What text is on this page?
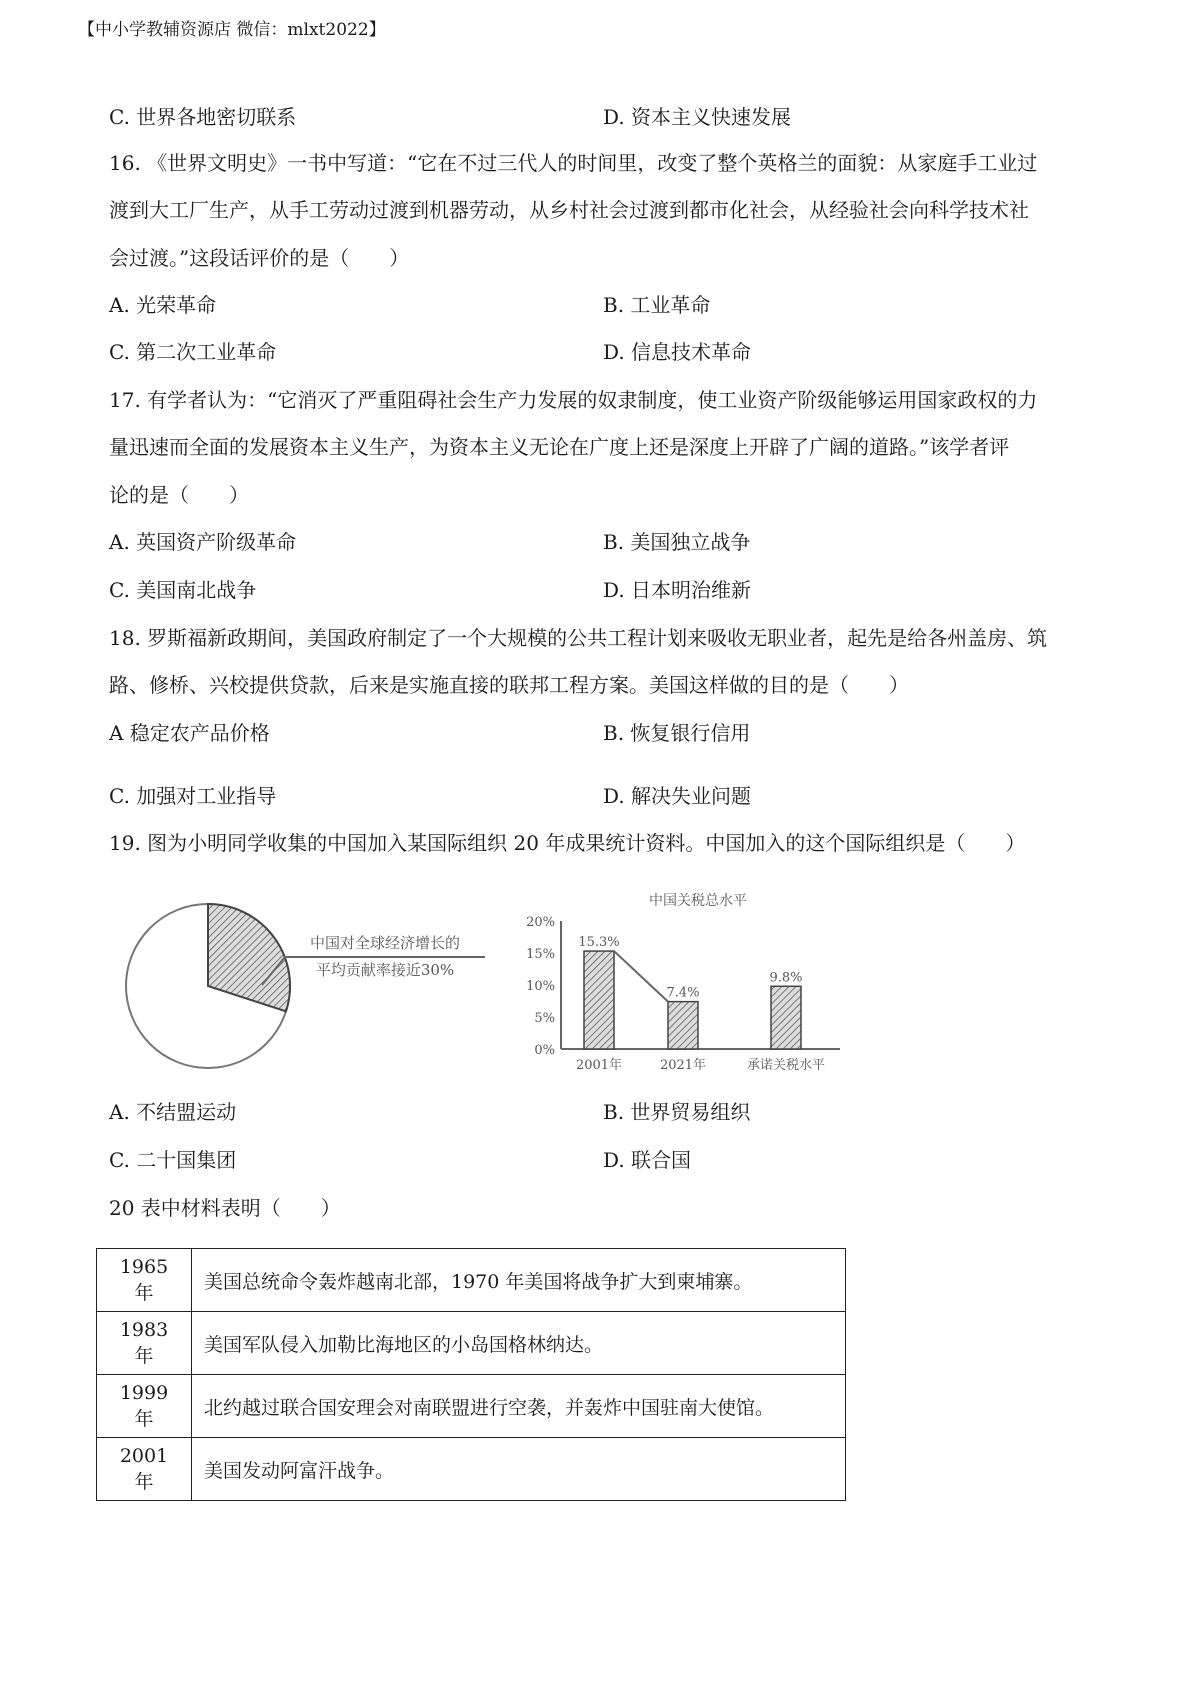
【中小学教辅资源店 微信：mlxt2022】
C. 世界各地密切联系	D. 资本主义快速发展
16. 《世界文明史》一书中写道：“它在不过三代人的时间里，改变了整个英格兰的面貌：从家庭手工业过
渡到大工厂生产，从手工劳动过渡到机器劳动，从乡村社会过渡到都市化社会，从经验社会向科学技术社
会过渡。”这段话评价的是（　　）
A. 光荣革命	B. 工业革命
C. 第二次工业革命	D. 信息技术革命
17. 有学者认为：“它消灭了严重阻碍社会生产力发展的奴隶制度，使工业资产阶级能够运用国家政权的力
量迅速而全面的发展资本主义生产，为资本主义无论在广度上还是深度上开辟了广阔的道路。”该学者评
论的是（　　）
A. 英国资产阶级革命	B. 美国独立战争
C. 美国南北战争	D. 日本明治维新
18. 罗斯福新政期间，美国政府制定了一个大规模的公共工程计划来吸收无职业者，起先是给各州盖房、筑
路、修桥、兴校提供贷款，后来是实施直接的联邦工程方案。美国这样做的目的是（　　）
A 稳定农产品价格	B. 恢复银行信用
C. 加强对工业指导	D. 解决失业问题
19. 图为小明同学收集的中国加入某国际组织 20 年成果统计资料。中国加入的这个国际组织是（　　）
中国对全球经济增长的
平均贡献率接近30%
中国关税总水平
0%
5%
10%
15%
20%
15.3%
2001年
7.4%
2021年
9.8%
承诺关税水平
A. 不结盟运动	B. 世界贸易组织
C. 二十国集团	D. 联合国
20 表中材料表明（　　）
1965 年	美国总统命令轰炸越南北部，1970 年美国将战争扩大到柬埔寨。
1983 年	美国军队侵入加勒比海地区的小岛国格林纳达。
1999 年	北约越过联合国安理会对南联盟进行空袭，并轰炸中国驻南大使馆。
2001 年	美国发动阿富汗战争。
